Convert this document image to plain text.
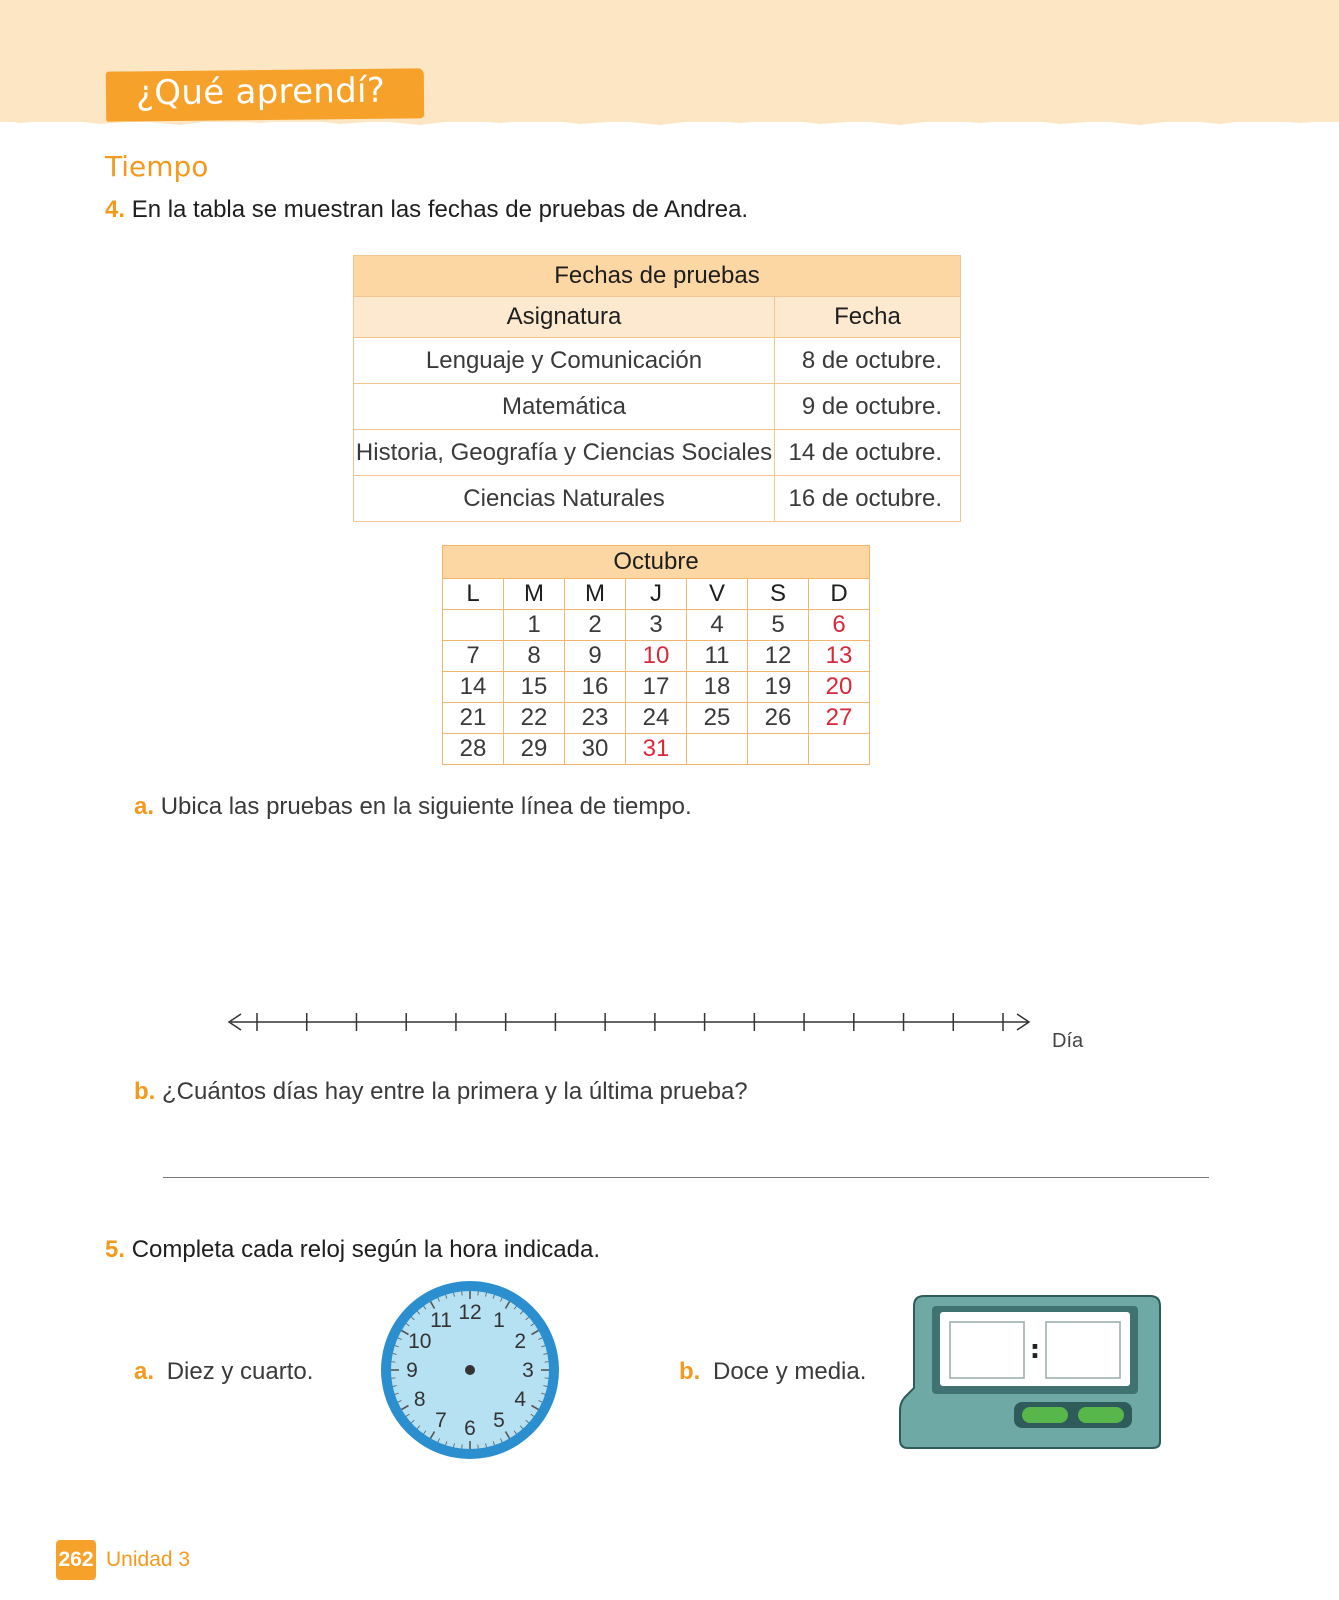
¿Qué aprendí?
Tiempo
4. En la tabla se muestran las fechas de pruebas de Andrea.
Fechas de pruebas	
Asignatura	Fecha
Lenguaje y Comunicación	8 de octubre.
Matemática	9 de octubre.
Historia, Geografía y Ciencias Sociales	14 de octubre.
Ciencias Naturales	16 de octubre.
Octubre						
L	M	M	J	V	S	D
	1	2	3	4	5	6
7	8	9	10	11	12	13
14	15	16	17	18	19	20
21	22	23	24	25	26	27
28	29	30	31			
a. Ubica las pruebas en la siguiente línea de tiempo.
Día
b. ¿Cuántos días hay entre la primera y la última prueba?
5. Completa cada reloj según la hora indicada.
a. Diez y cuarto.
12 1
2
3
4
5
6
7
8
9
10
11
b. Doce y media.
:
262 Unidad 3
